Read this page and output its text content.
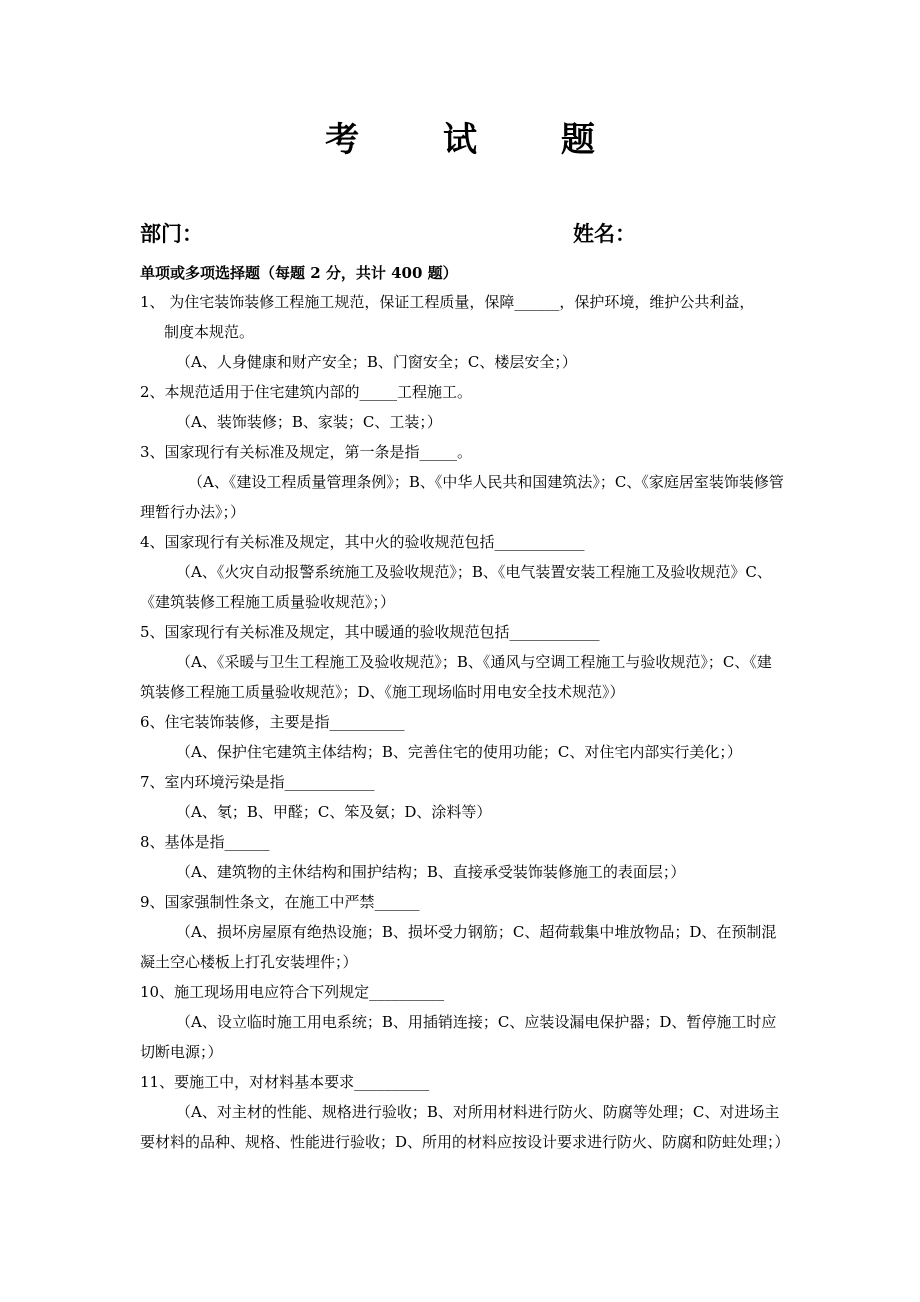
考 试 题
部门：	姓名：
单项或多项选择题（每题 2 分，共计 400 题）
1、 为住宅装饰装修工程施工规范，保证工程质量，保障______，保护环境，维护公共利益，
制度本规范。
（A、人身健康和财产安全；B、门窗安全；C、楼层安全；）
2、本规范适用于住宅建筑内部的_____工程施工。
（A、装饰装修；B、家装；C、工装；）
3、国家现行有关标准及规定，第一条是指_____。
（A、《建设工程质量管理条例》；B、《中华人民共和国建筑法》；C、《家庭居室装饰装修管理暂行办法》；）
4、国家现行有关标准及规定，其中火的验收规范包括____________
（A、《火灾自动报警系统施工及验收规范》；B、《电气装置安装工程施工及验收规范》C、《建筑装修工程施工质量验收规范》；）
5、国家现行有关标准及规定，其中暖通的验收规范包括____________
（A、《采暖与卫生工程施工及验收规范》；B、《通风与空调工程施工与验收规范》；C、《建筑装修工程施工质量验收规范》；D、《施工现场临时用电安全技术规范》）
6、住宅装饰装修，主要是指__________
（A、保护住宅建筑主体结构；B、完善住宅的使用功能；C、对住宅内部实行美化；）
7、室内环境污染是指____________
（A、氡；B、甲醛；C、笨及氨；D、涂料等）
8、基体是指______
（A、建筑物的主休结构和围护结构；B、直接承受装饰装修施工的表面层；）
9、国家强制性条文，在施工中严禁______
（A、损坏房屋原有绝热设施；B、损坏受力钢筋；C、超荷载集中堆放物品；D、在预制混凝土空心楼板上打孔安装埋件；）
10、施工现场用电应符合下列规定__________
（A、设立临时施工用电系统；B、用插销连接；C、应装设漏电保护器；D、暂停施工时应切断电源；）
11、要施工中，对材料基本要求__________
（A、对主材的性能、规格进行验收；B、对所用材料进行防火、防腐等处理；C、对进场主要材料的品种、规格、性能进行验收；D、所用的材料应按设计要求进行防火、防腐和防蛀处理；）
